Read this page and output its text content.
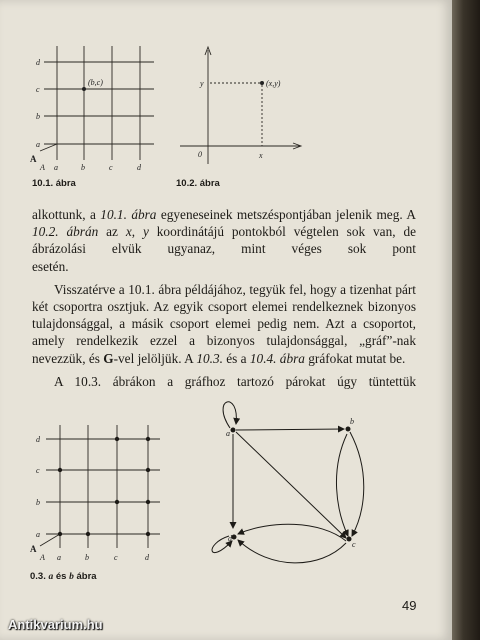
d
c
b
a
A
A a	b	c	d
(b,c)
10.1. ábra
y
0	x
(x,y)
10.2. ábra

alkottunk, a 10.1. ábra egyeneseinek metszéspontjában jelenik meg. A 10.2. ábrán az x, y koordinátájú pontokból végtelen sok van, de ábrázolási elvük ugyanaz, mint véges sok pont

esetén.

Visszatérve a 10.1. ábra példájához, tegyük fel, hogy a tizenhat párt két csoportra osztjuk. Az egyik csoport elemei rendelkeznek bizonyos tulajdonsággal, a másik csoport elemei pedig nem. Azt a csoportot, amely rendelkezik ezzel a bizonyos tulajdonsággal, „gráf”-nak nevezzük, és G-vel jelöljük. A 10.3. és a 10.4. ábra gráfokat mutat be.

A 10.3. ábrákon a gráfhoz tartozó párokat úgy tüntettük

d
c
b
a
A
A a	b	c	d
0.3. a és b ábra
a
b
c
d
49
Antikvarium.hu
